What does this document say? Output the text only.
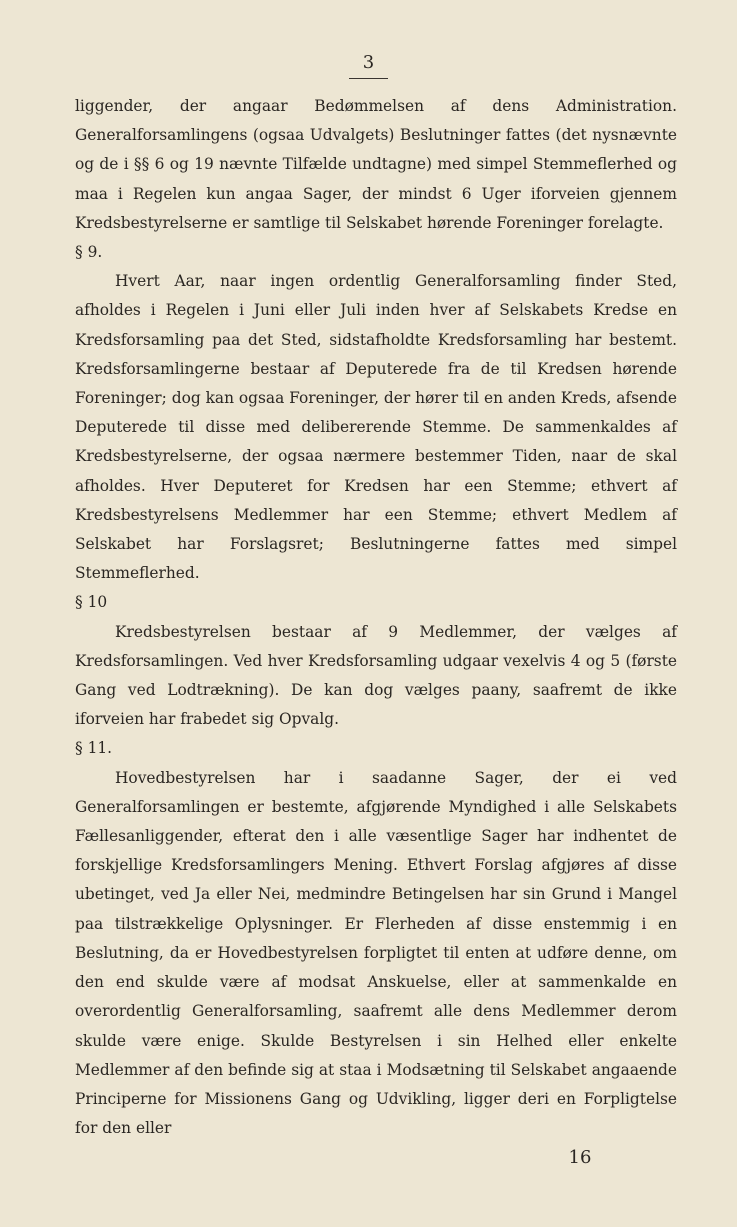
3

liggender, der angaar Bedømmelsen af dens Administration. Generalforsamlingens (ogsaa Udvalgets) Beslutninger fattes (det nysnævnte og de i §§ 6 og 19 nævnte Tilfælde undtagne) med simpel Stemmeflerhed og maa i Regelen kun angaa Sager, der mindst 6 Uger iforveien gjennem Kredsbestyrelserne er samtlige til Selskabet hørende Foreninger forelagte.

§ 9.

Hvert Aar, naar ingen ordentlig Generalforsamling finder Sted, afholdes i Regelen i Juni eller Juli inden hver af Selskabets Kredse en Kredsforsamling paa det Sted, sidstafholdte Kredsforsamling har bestemt. Kredsforsamlingerne bestaar af Deputerede fra de til Kredsen hørende Foreninger; dog kan ogsaa Foreninger, der hører til en anden Kreds, afsende Deputerede til disse med delibererende Stemme. De sammenkaldes af Kredsbestyrelserne, der ogsaa nærmere bestemmer Tiden, naar de skal afholdes. Hver Deputeret for Kredsen har een Stemme; ethvert af Kredsbestyrelsens Medlemmer har een Stemme; ethvert Medlem af Selskabet har Forslagsret; Beslutningerne fattes med simpel Stemmeflerhed.

§ 10

Kredsbestyrelsen bestaar af 9 Medlemmer, der vælges af Kredsforsamlingen. Ved hver Kredsforsamling udgaar vexelvis 4 og 5 (første Gang ved Lodtrækning). De kan dog vælges paany, saafremt de ikke iforveien har frabedet sig Opvalg.

§ 11.

Hovedbestyrelsen har i saadanne Sager, der ei ved Generalforsamlingen er bestemte, afgjørende Myndighed i alle Selskabets Fællesanliggender, efterat den i alle væsentlige Sager har indhentet de forskjellige Kredsforsamlingers Mening. Ethvert Forslag afgjøres af disse ubetinget, ved Ja eller Nei, medmindre Betingelsen har sin Grund i Mangel paa tilstrækkelige Oplysninger. Er Flerheden af disse enstemmig i en Beslutning, da er Hovedbestyrelsen forpligtet til enten at udføre denne, om den end skulde være af modsat Anskuelse, eller at sammenkalde en overordentlig Generalforsamling, saafremt alle dens Medlemmer derom skulde være enige. Skulde Bestyrelsen i sin Helhed eller enkelte Medlemmer af den befinde sig at staa i Modsætning til Selskabet angaaende Principerne for Missionens Gang og Udvikling, ligger deri en Forpligtelse for den eller

16
